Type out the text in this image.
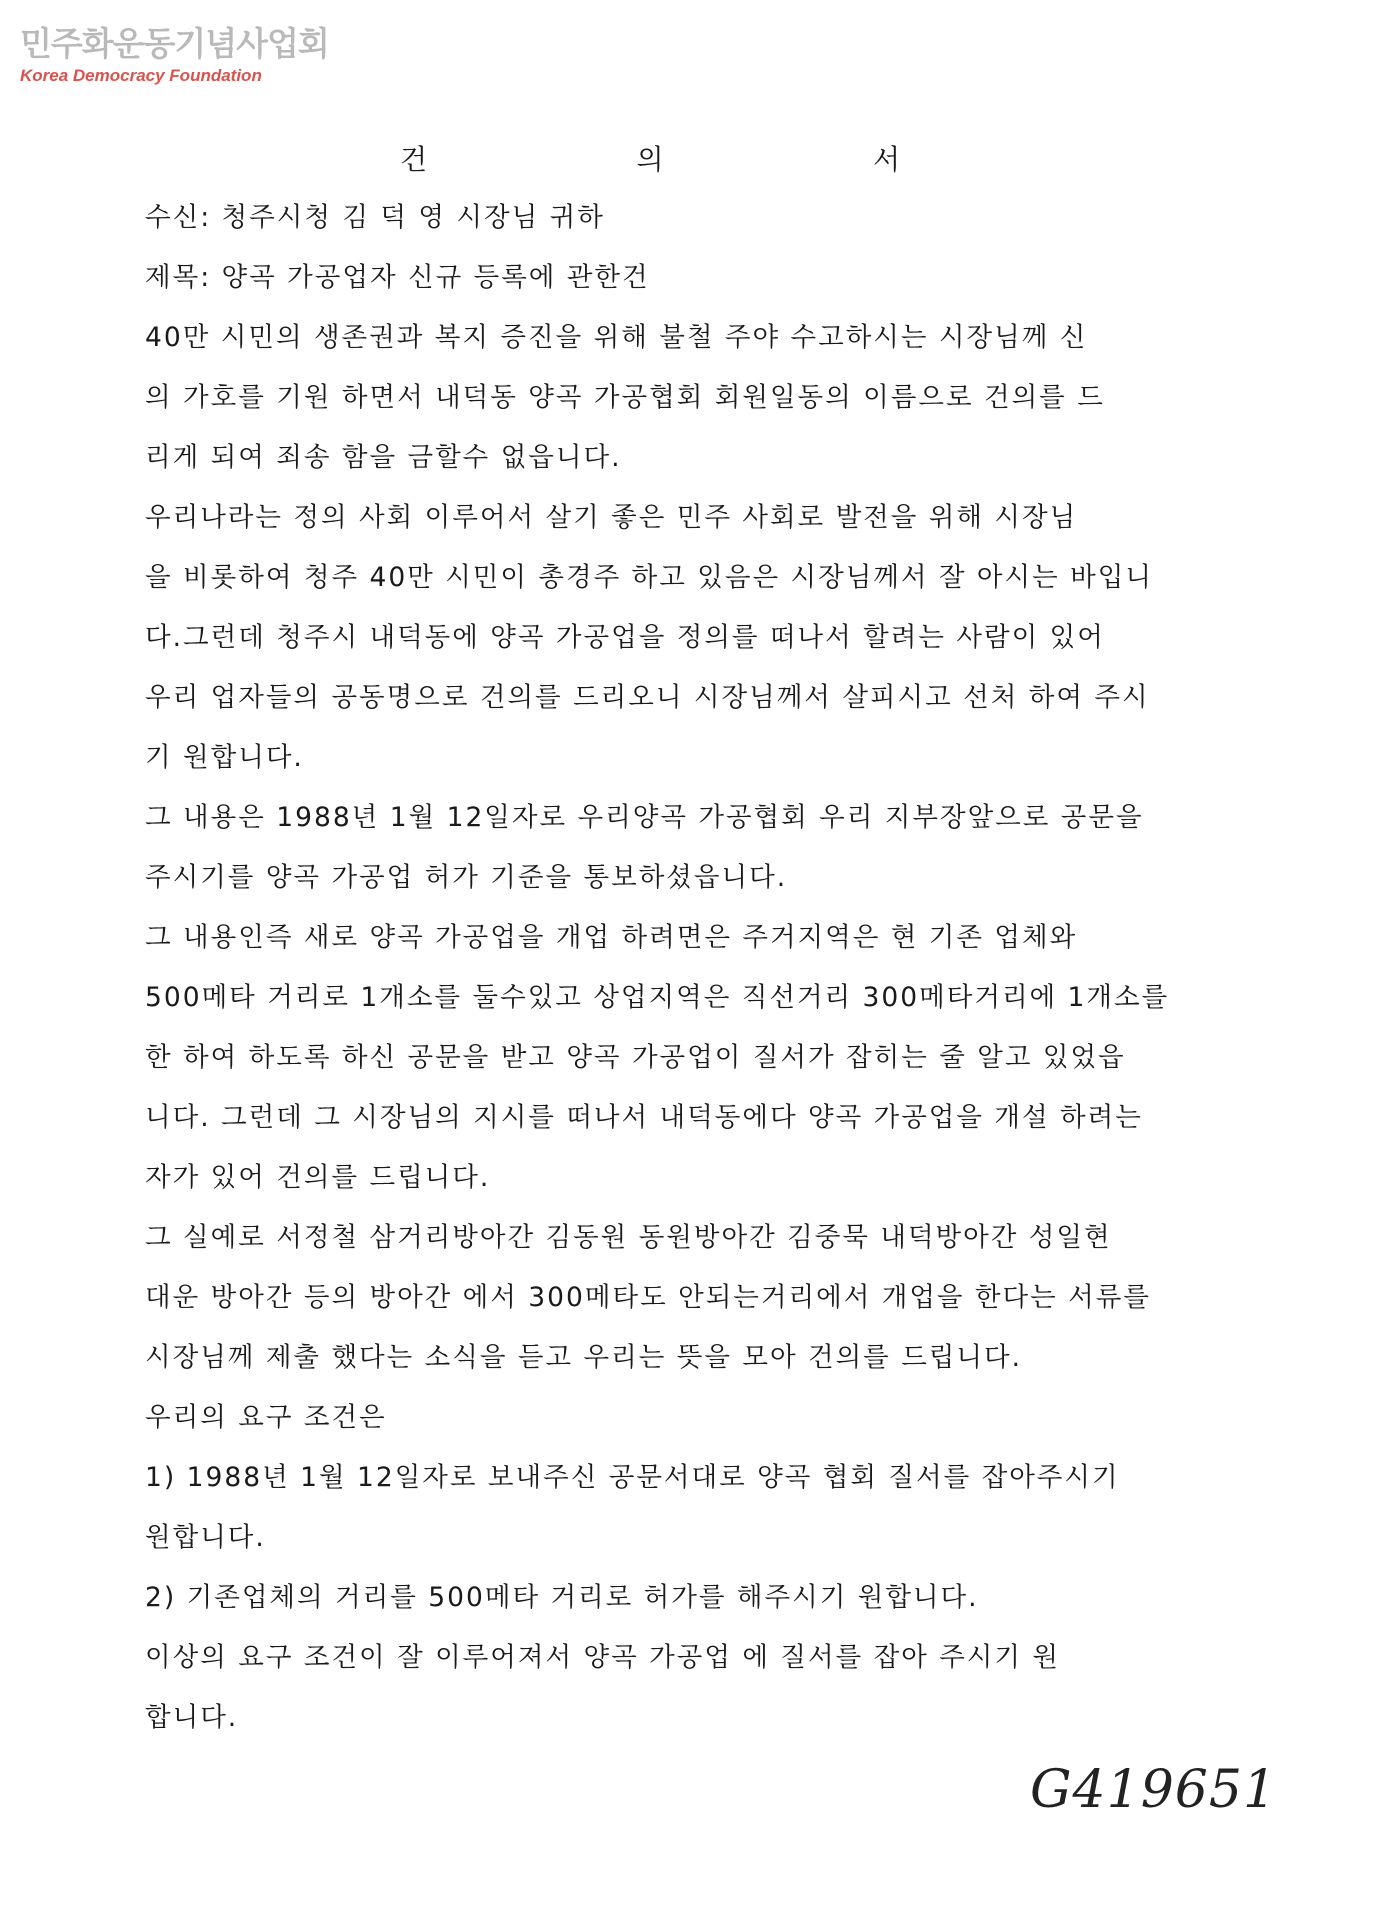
민주화운동기념사업회
Korea Democracy Foundation
건	의	서
수신: 청주시청 김 덕 영 시장님 귀하
제목: 양곡 가공업자 신규 등록에 관한건
40만 시민의 생존권과 복지 증진을 위해 불철 주야 수고하시는 시장님께 신
의 가호를 기원 하면서 내덕동 양곡 가공협회 회원일동의 이름으로 건의를 드
리게 되여 죄송 함을 금할수 없읍니다.
우리나라는 정의 사회 이루어서 살기 좋은 민주 사회로 발전을 위해 시장님
을 비롯하여 청주 40만 시민이 총경주 하고 있음은 시장님께서 잘 아시는 바입니
다.그런데 청주시 내덕동에 양곡 가공업을 정의를 떠나서 할려는 사람이 있어
우리 업자들의 공동명으로 건의를 드리오니 시장님께서 살피시고 선처 하여 주시
기 원합니다.
그 내용은 1988년 1월 12일자로 우리양곡 가공협회 우리 지부장앞으로 공문을
주시기를 양곡 가공업 허가 기준을 통보하셨읍니다.
그 내용인즉 새로 양곡 가공업을 개업 하려면은 주거지역은 현 기존 업체와
500메타 거리로 1개소를 둘수있고 상업지역은 직선거리 300메타거리에 1개소를
한 하여 하도록 하신 공문을 받고 양곡 가공업이 질서가 잡히는 줄 알고 있었읍
니다. 그런데 그 시장님의 지시를 떠나서 내덕동에다 양곡 가공업을 개설 하려는
자가 있어 건의를 드립니다.
그 실예로 서정철 삼거리방아간 김동원 동원방아간 김중묵 내덕방아간 성일현
대운 방아간 등의 방아간 에서 300메타도 안되는거리에서 개업을 한다는 서류를
시장님께 제출 했다는 소식을 듣고 우리는 뜻을 모아 건의를 드립니다.
우리의 요구 조건은
1) 1988년 1월 12일자로 보내주신 공문서대로 양곡 협회 질서를 잡아주시기
원합니다.
2) 기존업체의 거리를 500메타 거리로 허가를 해주시기 원합니다.
이상의 요구 조건이 잘 이루어져서 양곡 가공업 에 질서를 잡아 주시기 원
합니다.
G419651
